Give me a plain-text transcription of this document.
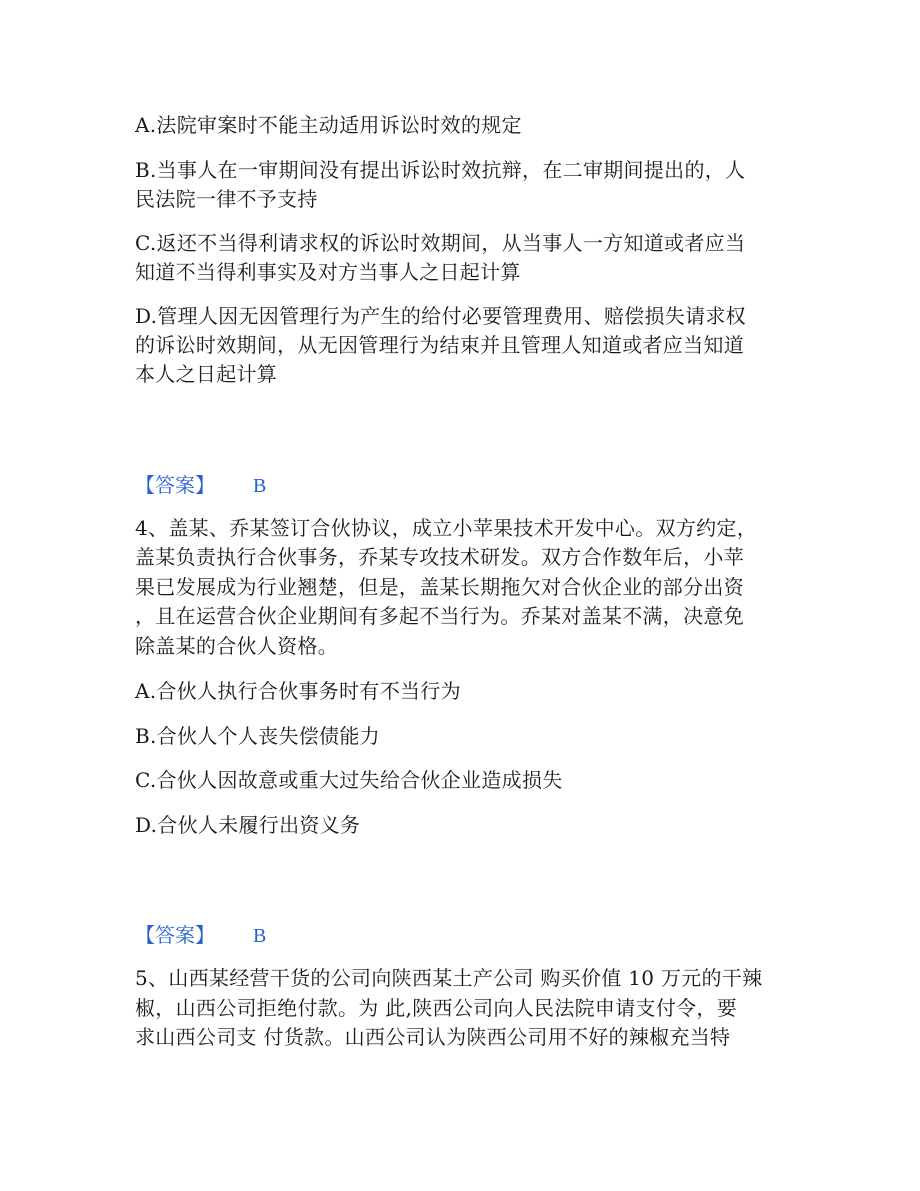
A.法院审案时不能主动适用诉讼时效的规定
B.当事人在一审期间没有提出诉讼时效抗辩，在二审期间提出的，人
民法院一律不予支持
C.返还不当得利请求权的诉讼时效期间，从当事人一方知道或者应当
知道不当得利事实及对方当事人之日起计算
D.管理人因无因管理行为产生的给付必要管理费用、赔偿损失请求权
的诉讼时效期间，从无因管理行为结束并且管理人知道或者应当知道
本人之日起计算
【答案】 B
4、盖某、乔某签订合伙协议，成立小苹果技术开发中心。双方约定，
盖某负责执行合伙事务，乔某专攻技术研发。双方合作数年后，小苹
果已发展成为行业翘楚，但是，盖某长期拖欠对合伙企业的部分出资
，且在运营合伙企业期间有多起不当行为。乔某对盖某不满，决意免
除盖某的合伙人资格。
A.合伙人执行合伙事务时有不当行为
B.合伙人个人丧失偿债能力
C.合伙人因故意或重大过失给合伙企业造成损失
D.合伙人未履行出资义务
【答案】 B
5、山西某经营干货的公司向陕西某土产公司 购买价值 10 万元的干辣
椒，山西公司拒绝付款。为 此,陕西公司向人民法院申请支付令，要
求山西公司支 付货款。山西公司认为陕西公司用不好的辣椒充当特
